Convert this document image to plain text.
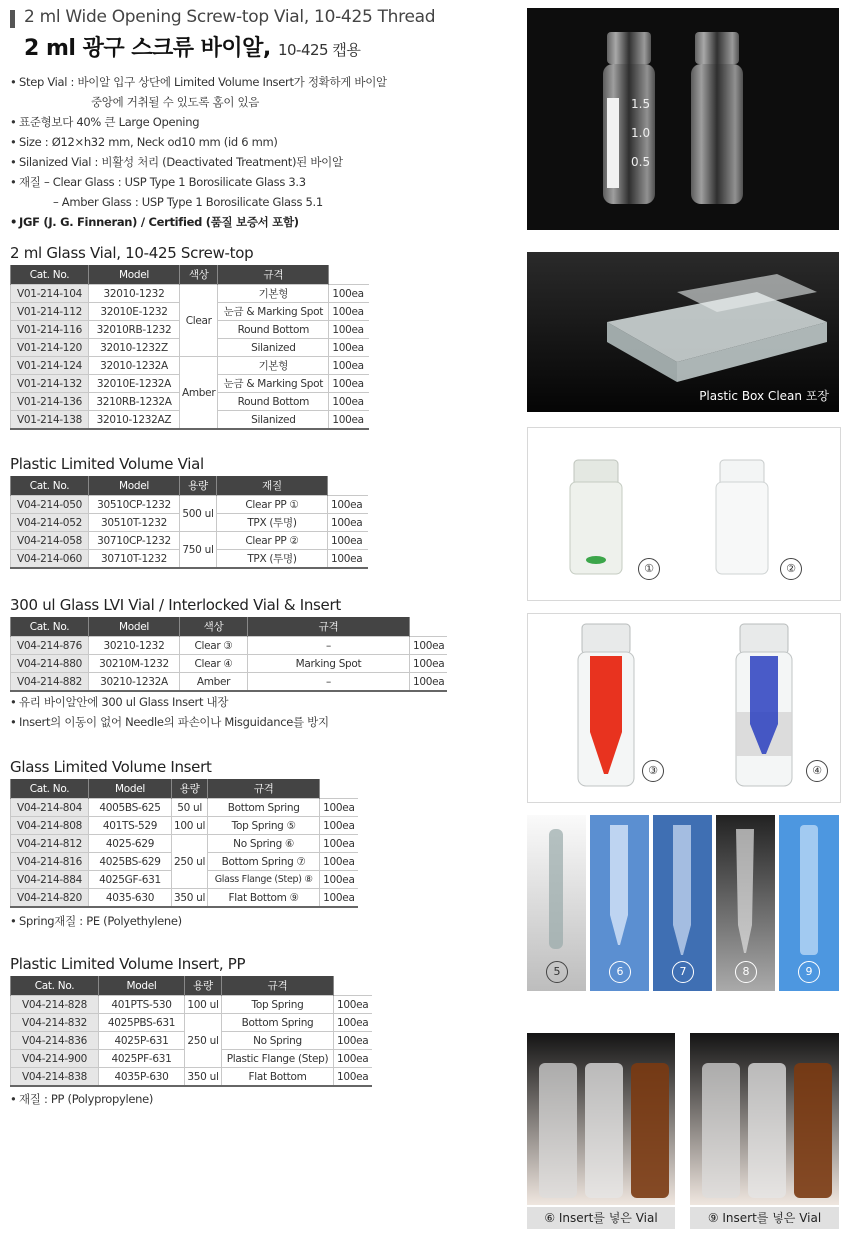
2 ml Wide Opening Screw-top Vial, 10-425 Thread
2 ml 광구 스크류 바이알, 10-425 캡용
• Step Vial : 바이알 입구 상단에 Limited Volume Insert가 정확하게 바이알
중앙에 거취될 수 있도록 홈이 있음
• 표준형보다 40% 큰 Large Opening
• Size : Ø12×h32 mm, Neck od10 mm (id 6 mm)
• Silanized Vial : 비활성 처리 (Deactivated Treatment)된 바이알
• 재질 – Clear Glass : USP Type 1 Borosilicate Glass 3.3
– Amber Glass : USP Type 1 Borosilicate Glass 5.1
• JGF (J. G. Finneran) / Certified (품질 보증서 포함)
2 ml Glass Vial, 10-425 Screw-top
Cat. No.	Model	색상	규격	
V01-214-104	32010-1232	Clear	기본형	100ea
V01-214-112	32010E-1232		눈금 & Marking Spot	100ea
V01-214-116	32010RB-1232		Round Bottom	100ea
V01-214-120	32010-1232Z		Silanized	100ea
V01-214-124	32010-1232A	Amber	기본형	100ea
V01-214-132	32010E-1232A		눈금 & Marking Spot	100ea
V01-214-136	3210RB-1232A		Round Bottom	100ea
V01-214-138	32010-1232AZ		Silanized	100ea
Plastic Limited Volume Vial
Cat. No.	Model	용량	재질	
V04-214-050	30510CP-1232	500 ul	Clear PP ①	100ea
V04-214-052	30510T-1232		TPX (투명)	100ea
V04-214-058	30710CP-1232	750 ul	Clear PP ②	100ea
V04-214-060	30710T-1232		TPX (투명)	100ea
300 ul Glass LVI Vial / Interlocked Vial & Insert
Cat. No.	Model	색상	규격	
V04-214-876	30210-1232	Clear ③	–	100ea
V04-214-880	30210M-1232	Clear ④	Marking Spot	100ea
V04-214-882	30210-1232A	Amber	–	100ea
• 유리 바이알안에 300 ul Glass Insert 내장
• Insert의 이동이 없어 Needle의 파손이나 Misguidance를 방지
Glass Limited Volume Insert
Cat. No.	Model	용량	규격	
V04-214-804	4005BS-625	50 ul	Bottom Spring	100ea
V04-214-808	401TS-529	100 ul	Top Spring ⑤	100ea
V04-214-812	4025-629	250 ul	No Spring ⑥	100ea
V04-214-816	4025BS-629		Bottom Spring ⑦	100ea
V04-214-884	4025GF-631		Glass Flange (Step) ⑧	100ea
V04-214-820	4035-630	350 ul	Flat Bottom ⑨	100ea
• Spring재질 : PE (Polyethylene)
Plastic Limited Volume Insert, PP
Cat. No.	Model	용량	규격	
V04-214-828	401PTS-530	100 ul	Top Spring	100ea
V04-214-832	4025PBS-631	250 ul	Bottom Spring	100ea
V04-214-836	4025P-631		No Spring	100ea
V04-214-900	4025PF-631		Plastic Flange (Step)	100ea
V04-214-838	4035P-630	350 ul	Flat Bottom	100ea
• 재질 : PP (Polypropylene)
1.5
1.0
0.5
Plastic Box Clean 포장
①	②
③	④
5	6	7	8	9
⑥ Insert를 넣은 Vial	⑨ Insert를 넣은 Vial
